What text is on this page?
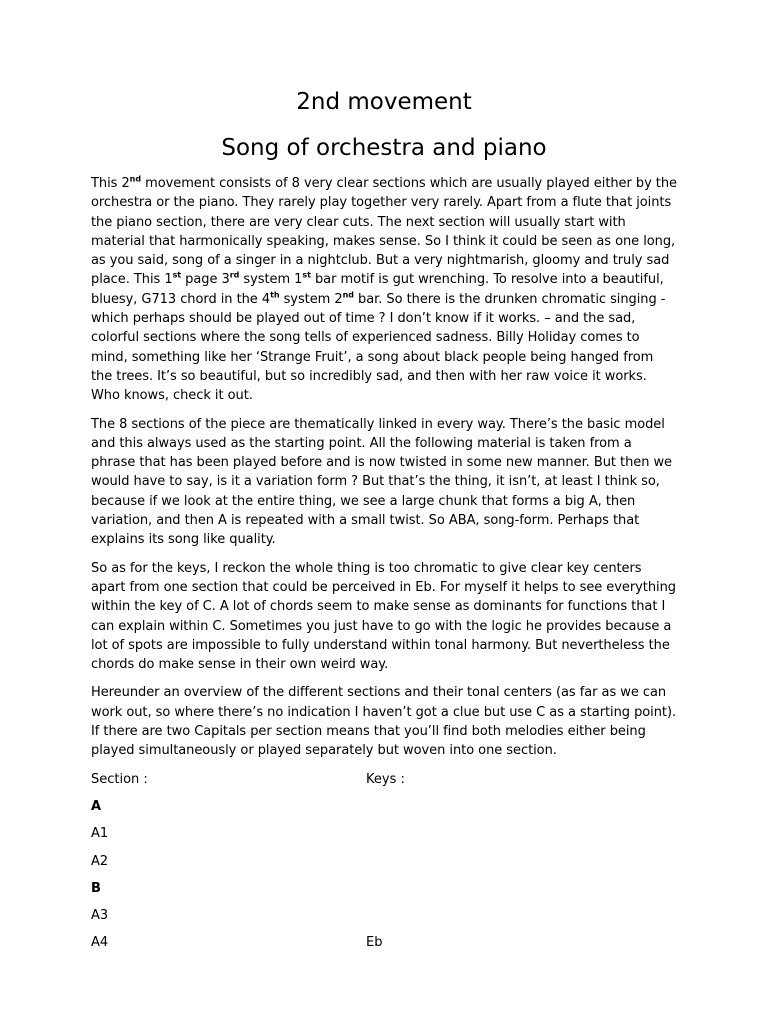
2nd movement
Song of orchestra and piano

This 2nd movement consists of 8 very clear sections which are usually played either by the orchestra or the piano. They rarely play together very rarely. Apart from a flute that joints the piano section, there are very clear cuts. The next section will usually start with material that harmonically speaking, makes sense. So I think it could be seen as one long, as you said, song of a singer in a nightclub. But a very nightmarish, gloomy and truly sad place. This 1st page 3rd system 1st bar motif is gut wrenching. To resolve into a beautiful, bluesy, G713 chord in the 4th system 2nd bar. So there is the drunken chromatic singing - which perhaps should be played out of time ? I don’t know if it works. – and the sad, colorful sections where the song tells of experienced sadness. Billy Holiday comes to mind, something like her ‘Strange Fruit’, a song about black people being hanged from the trees. It’s so beautiful, but so incredibly sad, and then with her raw voice it works. Who knows, check it out.

The 8 sections of the piece are thematically linked in every way. There’s the basic model and this always used as the starting point. All the following material is taken from a phrase that has been played before and is now twisted in some new manner. But then we would have to say, is it a variation form ? But that’s the thing, it isn’t, at least I think so, because if we look at the entire thing, we see a large chunk that forms a big A, then variation, and then A is repeated with a small twist. So ABA, song-form. Perhaps that explains its song like quality.

So as for the keys, I reckon the whole thing is too chromatic to give clear key centers apart from one section that could be perceived in Eb. For myself it helps to see everything within the key of C. A lot of chords seem to make sense as dominants for functions that I can explain within C. Sometimes you just have to go with the logic he provides because a lot of spots are impossible to fully understand within tonal harmony. But nevertheless the chords do make sense in their own weird way.

Hereunder an overview of the different sections and their tonal centers (as far as we can work out, so where there’s no indication I haven’t got a clue but use C as a starting point). If there are two Capitals per section means that you’ll find both melodies either being played simultaneously or played separately but woven into one section.

Section :	Keys :
A
A1
A2
B
A3
A4	Eb
